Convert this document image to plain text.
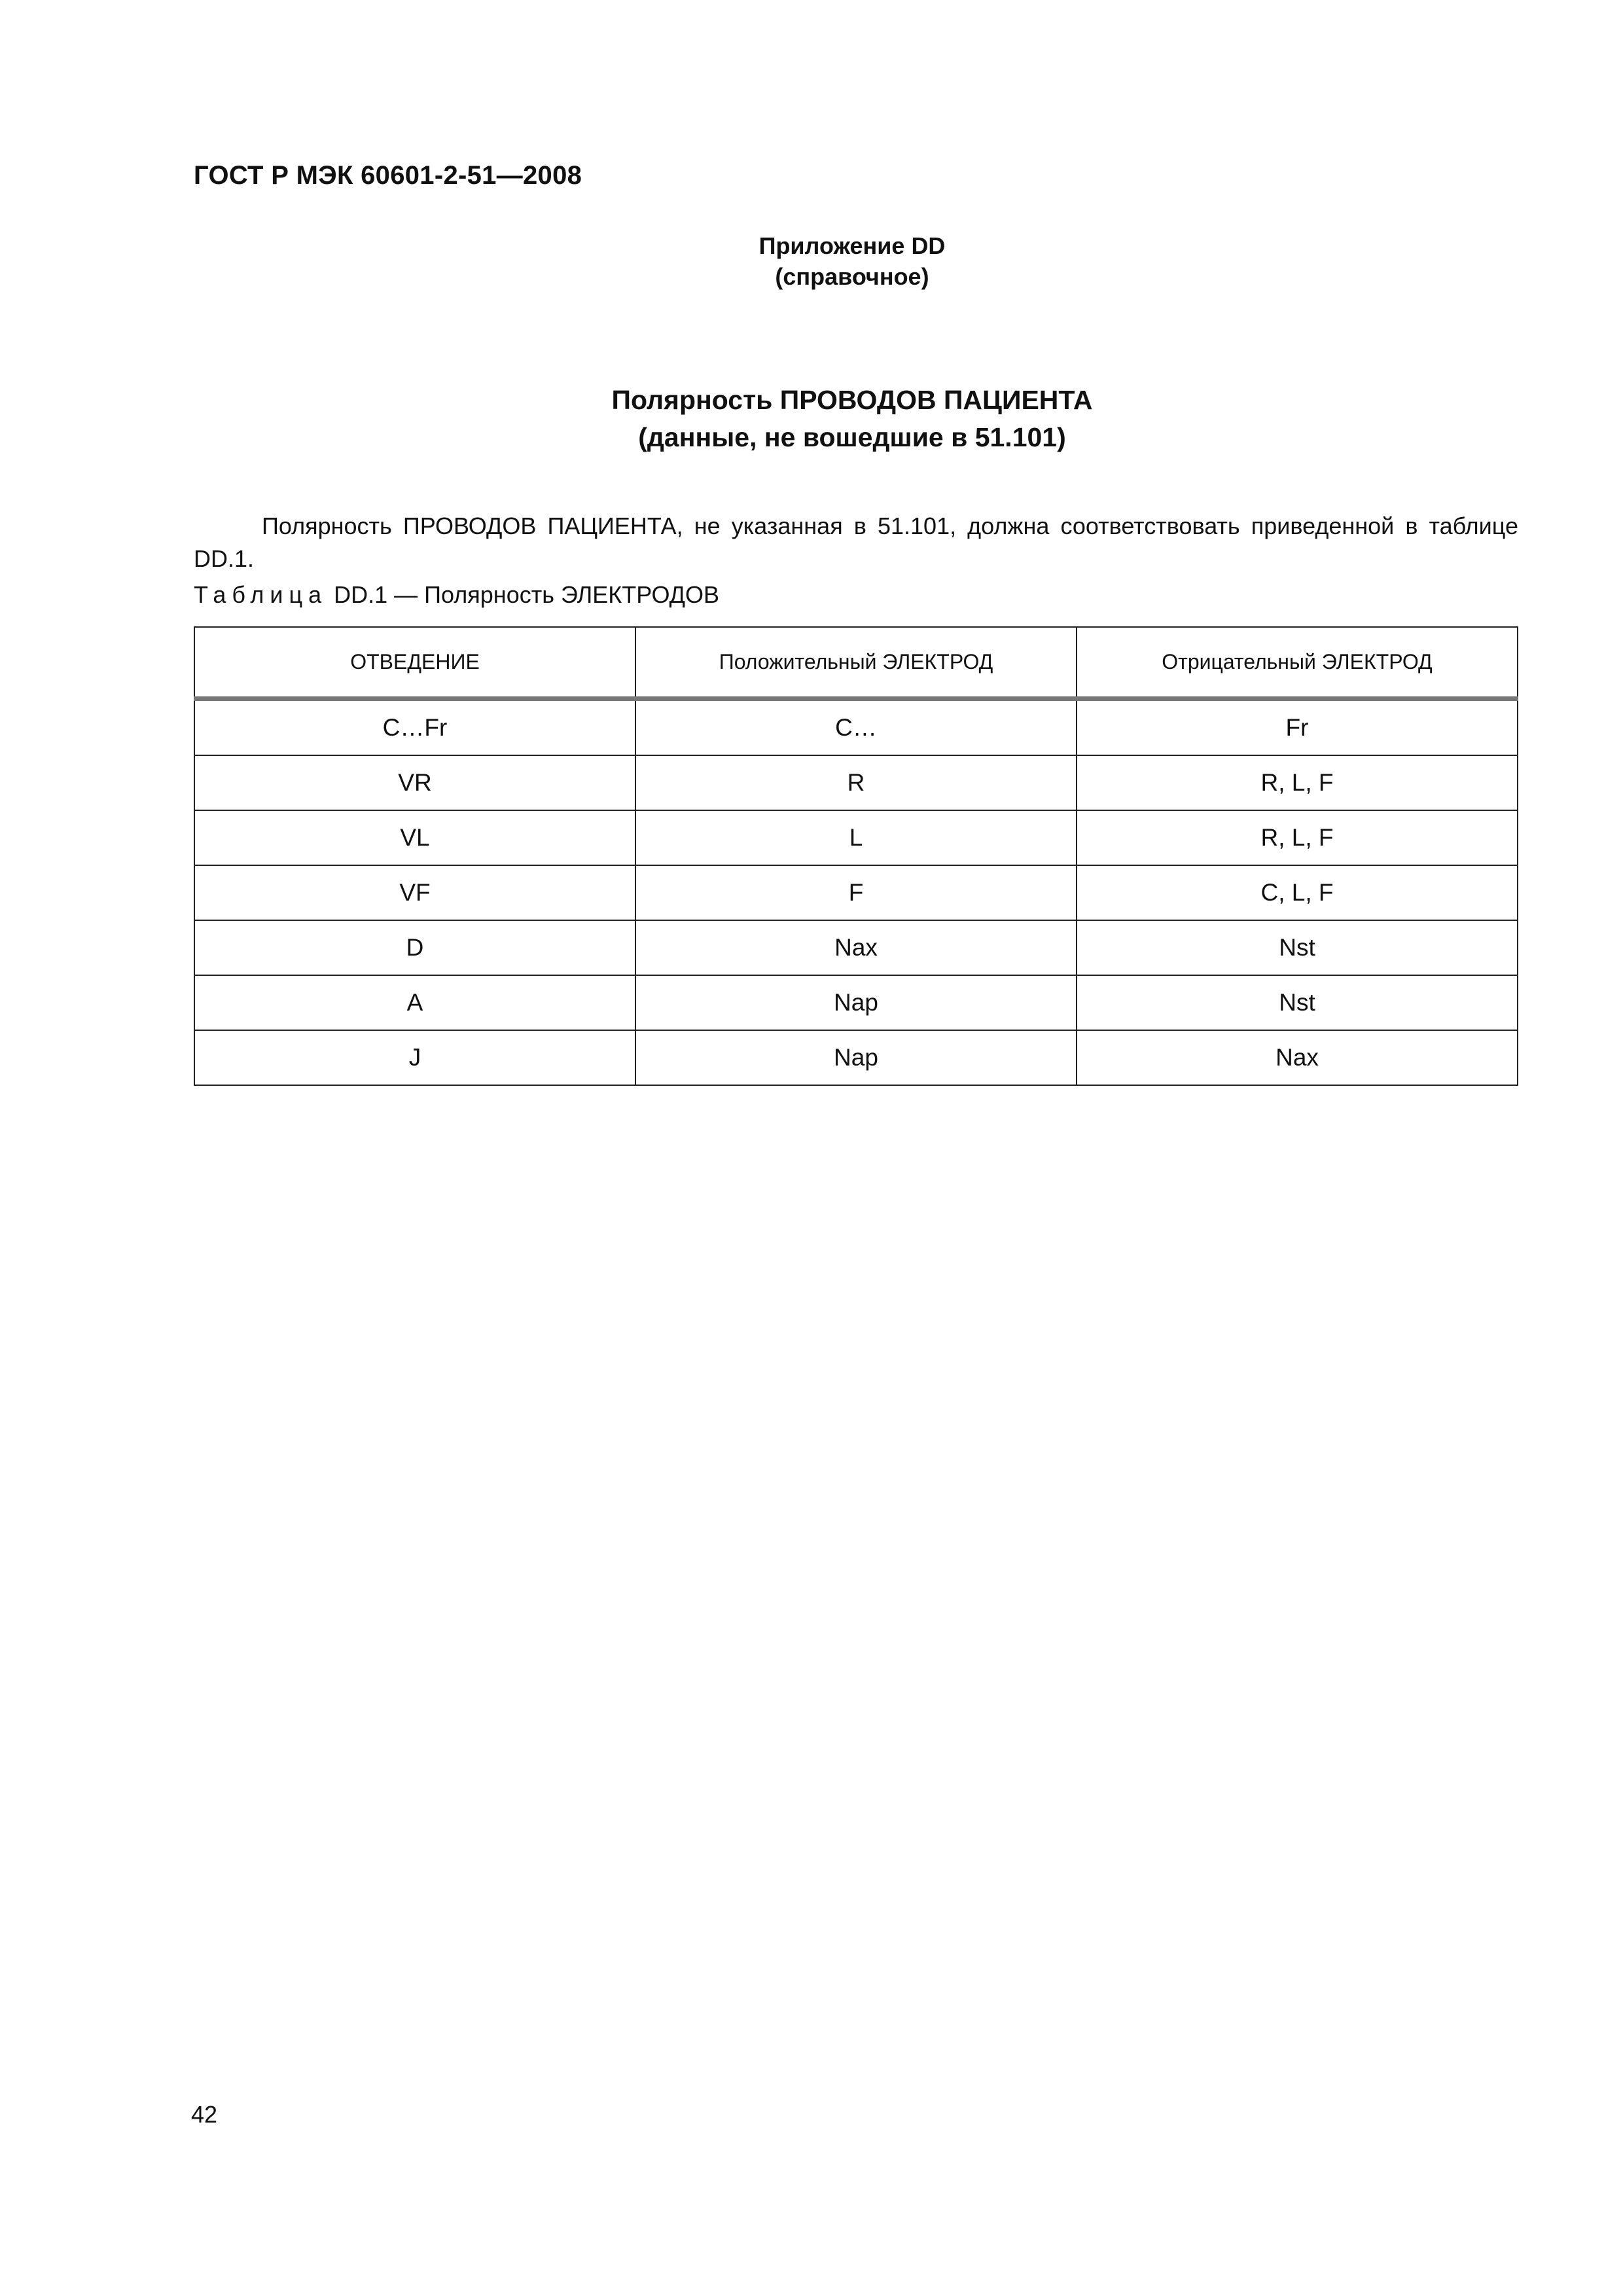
ГОСТ Р МЭК 60601-2-51—2008
Приложение DD
(справочное)
Полярность ПРОВОДОВ ПАЦИЕНТА
(данные, не вошедшие в 51.101)

Полярность ПРОВОДОВ ПАЦИЕНТА, не указанная в 51.101, должна соответствовать приведенной в таблице DD.1.

Таблица DD.1 — Полярность ЭЛЕКТРОДОВ
ОТВЕДЕНИЕ	Положительный ЭЛЕКТРОД	Отрицательный ЭЛЕКТРОД
C…Fr	C…	Fr
VR	R	R, L, F
VL	L	R, L, F
VF	F	C, L, F
D	Nax	Nst
A	Nap	Nst
J	Nap	Nax
42
